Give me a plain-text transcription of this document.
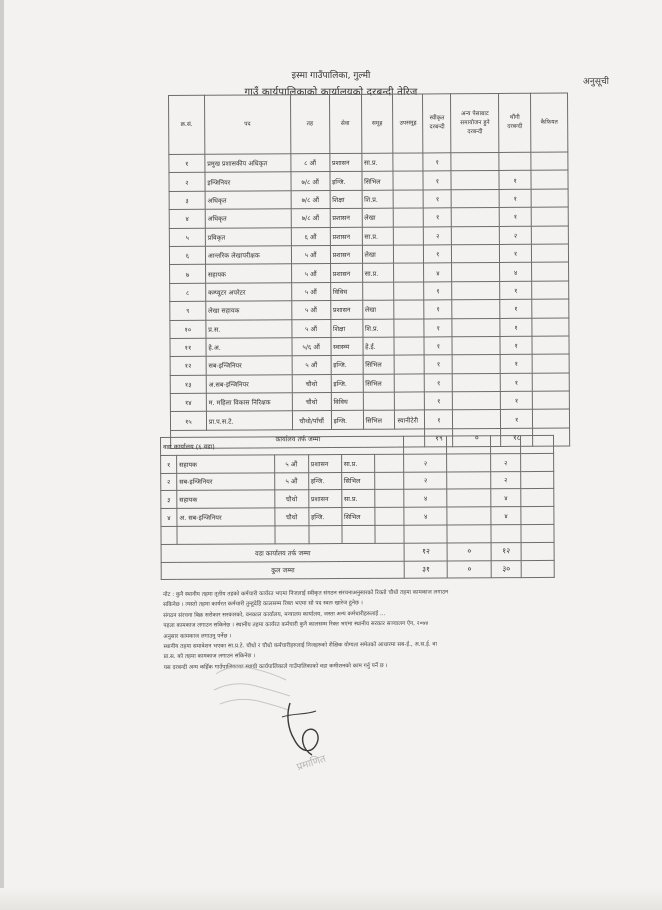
अनुसूची
इस्मा गाउँपालिका, गुल्मी
गाउँ कार्यपालिकाको कार्यालयको दरबन्दी तेरिज
क्र.सं.	पद	तह	सेवा	समूह	उपसमूह	स्वीकृत दरबन्दी	अन्य पेसाबाट समायोजन हुने दरबन्दी	थौंगी दरबन्दी	कैफियत
१	प्रमुख प्रशासकीय अधिकृत	८ औं	प्रशासन	सा.प्र.		१			
२	इन्जिनियर	७/८ औं	इन्जि.	सिभिल		१		१	
३	अधिकृत	७/८ औं	शिक्षा	शि.प्र.		१		१	
४	अधिकृत	७/८ औं	प्रशासन	लेखा		१		१	
५	प्रविकृत	६ औं	प्रशासन	सा.प्र.		२		२	
६	आन्तरिक लेखापरीक्षक	५ औं	प्रशासन	लेखा		१		१	
७	सहायक	५ औं	प्रशासन	सा.प्र.		४		४	
८	कम्प्युटर अपरेटर	५ औं	विविध			१		१	
९	लेखा सहायक	५ औं	प्रशासन	लेखा		१		१	
१०	प्र.स.	५ औं	शिक्षा	शि.प्र.		१		१	
११	हे.अ.	५/६ औं	स्वास्थ्य	हे.ई.		१		१	
१२	सब-इन्जिनियर	५ औं	इन्जि.	सिभिल		१		१	
१३	अ.सब-इन्जिनियर	चौथो	इन्जि.	सिभिल		१		१	
१४	म. महिला विकास निरिक्षक	चौथो	विविध			१		१	
१५	प्रा.प.स.टे.	चौथो/पाँचौं	इन्जि.	सिभिल	स्यानीटेरी	१		१	
कार्यालय तर्फ जम्मा						१९	०	१८	
वडा कार्यालय (६ वडा)									
१	सहायक	५ औं	प्रशासन	सा.प्र.		२		२	
२	सब-इन्जिनियर	५ औं	इन्जि.	सिभिल		२		२	
३	सहायक	चौथो	प्रशासन	सा.प्र.		४		४	
४	अ. सब-इन्जिनियर	चौथो	इन्जि.	सिभिल		४		४	

वडा कार्यालय तर्फ जम्मा						१२	०	१२	
कुल जम्मा						३१	०	३०	

नोट : कुनै स्थानीय तहमा तृतीय तहको कर्मचारी कार्यरत भएमा निजलाई स्वीकृत संगठन संरचनाअनुसारको रिक्तो चौथो तहमा कामकाज लगाउन

सकिनेछ । त्यस्तो तहमा कार्यरत कर्मचारी तुन्हुदेहि कालसम्म रिक्त भएमा सो पद स्वतः खारेज हुनेछ ।

संगठन संरचना बिक्र सरोकार सरकारको, वनकाल कार्यालय, मन्त्रालय कार्यालय, जस्ता अन्य कर्मचारीहरुलाई ...

पहला कामकाज लगाउन सकिनेछ । स्थानीय तहमा कार्यरत कर्मचारी कुनै कालसम्म रिक्त भएमा स्थानीय सरकार सञ्चालन ऐन, २०७४

अनुसार कामकाज लगाउनु पर्नेछ ।

स्थानीय तहमा समावेशन भएका सा.प्र.टे. चौथो र चौथो कर्मचारीहरुलाई निजहरुको शैक्षिक योग्यता समेतको आधारमा सब-ई., अ.स.ई. वा

प्रा.स. को तहमा कामकाज लगाउन सकिनेछ ।

यस दरबन्दी अन्य कहिँक गाउँपालिकाका स्थायी कार्यपालिकाले गाउँपालिकाको वडा कमीशनको काम गर्नु पर्ने छ ।

प्रमाणित
